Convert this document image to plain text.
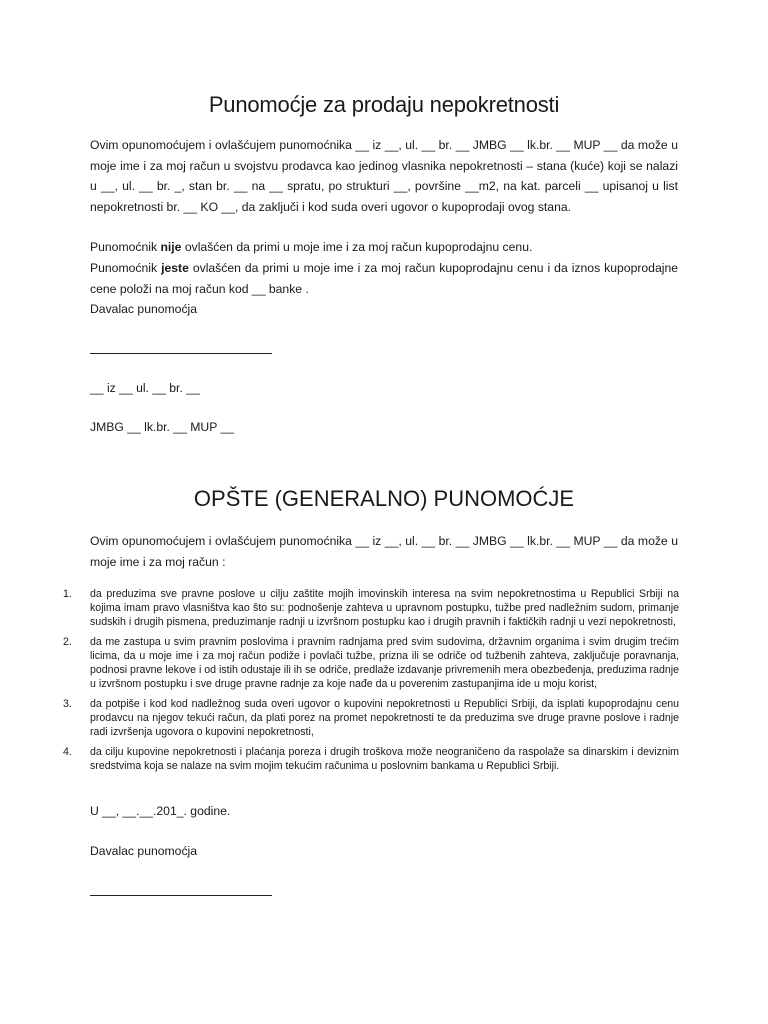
Punomoćje za prodaju nepokretnosti
Ovim opunomoćujem i ovlašćujem punomoćnika __ iz __, ul. __ br. __ JMBG __ lk.br. __ MUP __ da može u moje ime i za moj račun u svojstvu prodavca kao jedinog vlasnika nepokretnosti – stana (kuće) koji se nalazi u __, ul. __ br. _, stan br. __ na __ spratu, po strukturi __, površine __m2, na kat. parceli __ upisanoj u list nepokretnosti br. __ KO __, da zaključi i kod suda overi ugovor o kupoprodaji ovog stana.
Punomoćnik nije ovlašćen da primi u moje ime i za moj račun kupoprodajnu cenu.
Punomoćnik jeste ovlašćen da primi u moje ime i za moj račun kupoprodajnu cenu i da iznos kupoprodajne cene položi na moj račun kod __ banke .
Davalac punomoćja
__ iz __ ul. __ br. __
JMBG __ lk.br. __ MUP __
OPŠTE (GENERALNO) PUNOMOĆJE
Ovim opunomoćujem i ovlašćujem punomoćnika __ iz __, ul. __ br. __ JMBG __ lk.br. __ MUP __ da može u moje ime i za moj račun :
1.	da preduzima sve pravne poslove u cilju zaštite mojih imovinskih interesa na svim nepokretnostima u Republici Srbiji na kojima imam pravo vlasništva kao što su: podnošenje zahteva u upravnom postupku, tužbe pred nadležnim sudom, primanje sudskih i drugih pismena, preduzimanje radnji u izvršnom postupku kao i drugih pravnih i faktičkih radnji u vezi nepokretnosti,
2.	da me zastupa u svim pravnim poslovima i pravnim radnjama pred svim sudovima, državnim organima i svim drugim trećim licima, da u moje ime i za moj račun podiže i povlači tužbe, prizna ili se odriče od tužbenih zahteva, zaključuje poravnanja, podnosi pravne lekove i od istih odustaje ili ih se odriče, predlaže izdavanje privremenih mera obezbeđenja, preduzima radnje u izvršnom postupku i sve druge pravne radnje za koje nađe da u poverenim zastupanjima ide u moju korist,
3.	da potpiše i kod kod nadležnog suda overi ugovor o kupovini nepokretnosti u Republici Srbiji, da isplati kupoprodajnu cenu prodavcu na njegov tekući račun, da plati porez na promet nepokretnosti te da preduzima sve druge pravne poslove i radnje radi izvršenja ugovora o kupovini nepokretnosti,
4.	da cilju kupovine nepokretnosti i plaćanja poreza i drugih troškova može neograničeno da raspolaže sa dinarskim i deviznim sredstvima koja se nalaze na svim mojim tekućim računima u poslovnim bankama u Republici Srbiji.
U __, __.__.201_. godine.
Davalac punomoćja
